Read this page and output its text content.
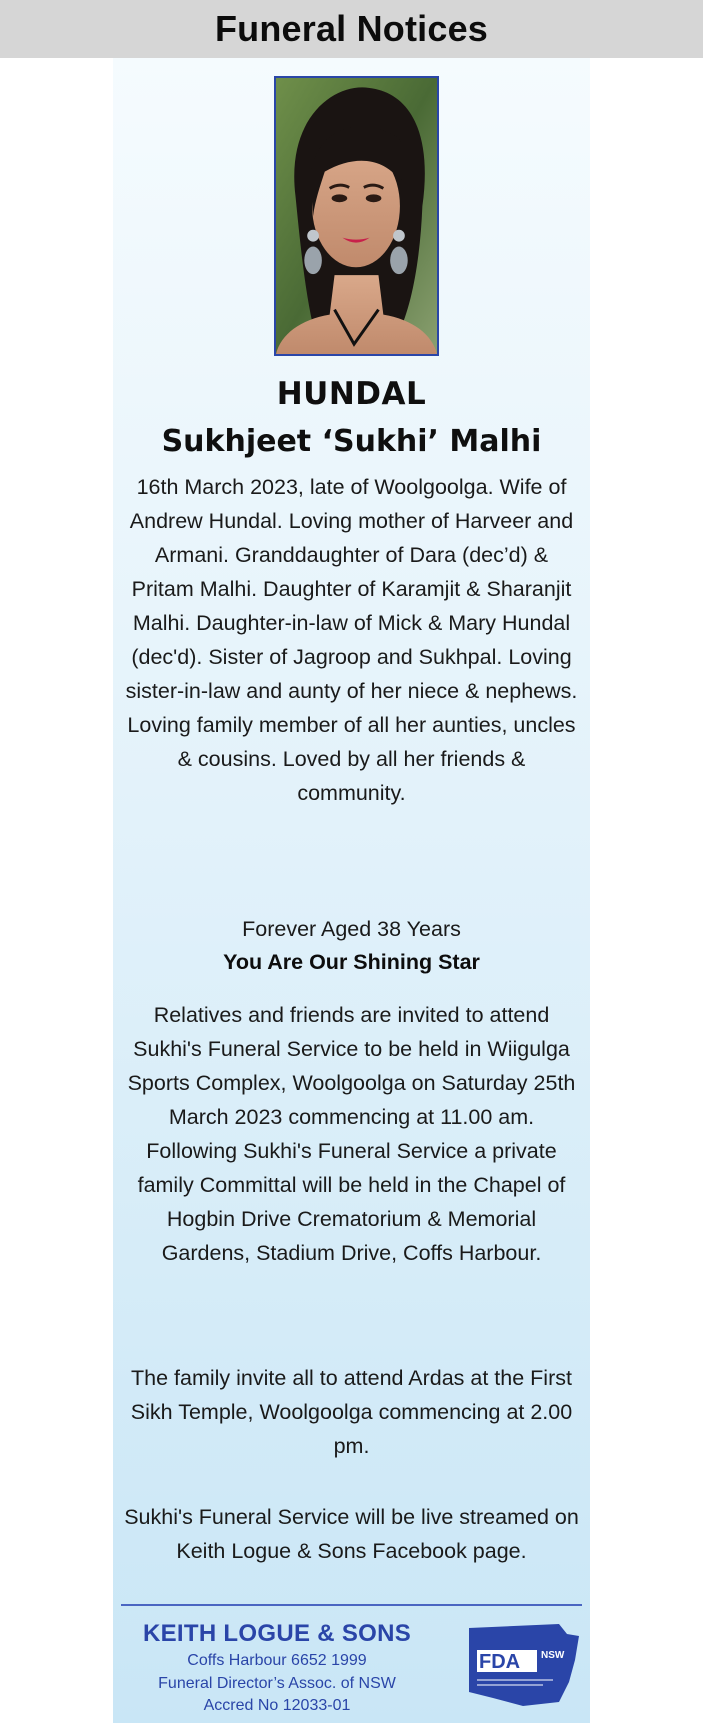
Funeral Notices
HUNDAL
Sukhjeet ‘Sukhi’ Malhi

16th March 2023, late of Woolgoolga. Wife of Andrew Hundal. Loving mother of Harveer and Armani. Granddaughter of Dara (dec’d) & Pritam Malhi. Daughter of Karamjit & Sharanjit Malhi. Daughter-in-law of Mick & Mary Hundal (dec'd). Sister of Jagroop and Sukhpal. Loving sister-in-law and aunty of her niece & nephews. Loving family member of all her aunties, uncles & cousins. Loved by all her friends & community.

Forever Aged 38 Years

You Are Our Shining Star

Relatives and friends are invited to attend Sukhi's Funeral Service to be held in Wiigulga Sports Complex, Woolgoolga on Saturday 25th March 2023 commencing at 11.00 am. Following Sukhi's Funeral Service a private family Committal will be held in the Chapel of Hogbin Drive Crematorium & Memorial Gardens, Stadium Drive, Coffs Harbour.

The family invite all to attend Ardas at the First Sikh Temple, Woolgoolga commencing at 2.00 pm.

Sukhi's Funeral Service will be live streamed on Keith Logue & Sons Facebook page.

KEITH LOGUE & SONS

Coffs Harbour 6652 1999

Funeral Director’s Assoc. of NSW

Accred No 12033-01

FDA NSW
